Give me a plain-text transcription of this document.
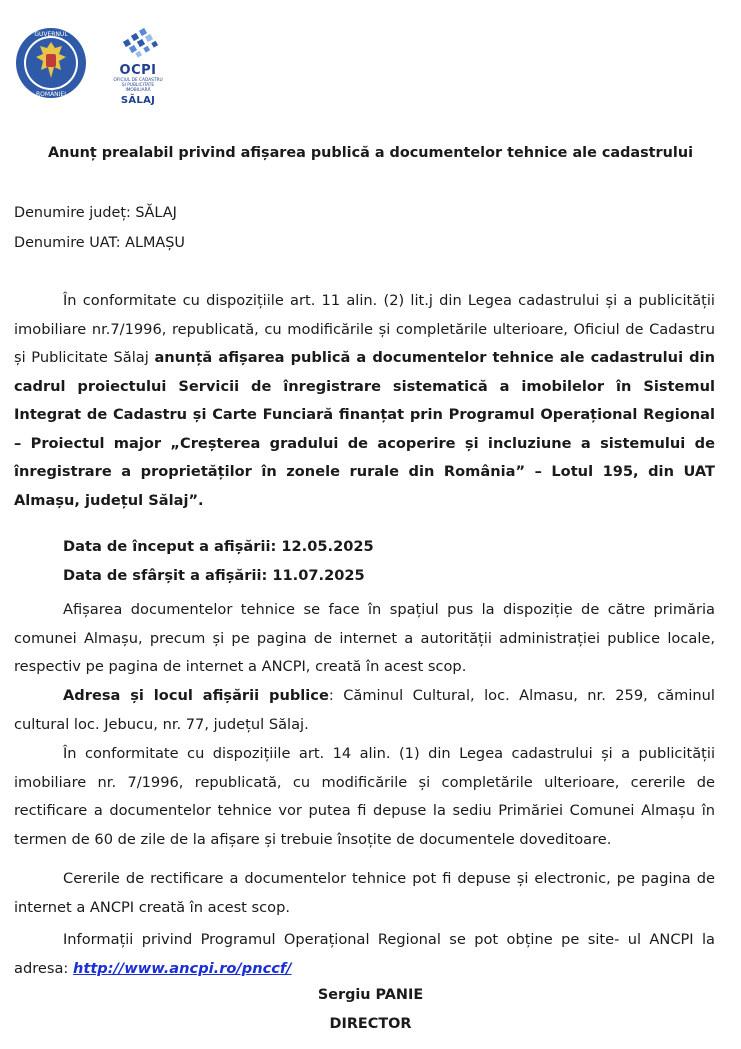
GUVERNUL
ROMÂNIEI
OCPI
OFICIUL DE CADASTRU
ȘI PUBLICITATE
IMOBILIARĂ
SĂLAJ
Anunț prealabil privind afișarea publică a documentelor tehnice ale cadastrului
Denumire județ: SĂLAJ
Denumire UAT: ALMAȘU

În conformitate cu dispozițiile art. 11 alin. (2) lit.j din Legea cadastrului și a publicității imobiliare nr.7/1996, republicată, cu modificările și completările ulterioare, Oficiul de Cadastru și Publicitate Sălaj anunță afișarea publică a documentelor tehnice ale cadastrului din cadrul proiectului Servicii de înregistrare sistematică a imobilelor în Sistemul Integrat de Cadastru și Carte Funciară finanțat prin Programul Operațional Regional – Proiectul major „Creșterea gradului de acoperire și incluziune a sistemului de înregistrare a proprietăților în zonele rurale din România” – Lotul 195, din UAT Almașu, județul Sălaj”.

Data de început a afișării: 12.05.2025
Data de sfârșit a afișării: 11.07.2025

Afișarea documentelor tehnice se face în spațiul pus la dispoziție de către primăria comunei Almașu, precum și pe pagina de internet a autorității administrației publice locale, respectiv pe pagina de internet a ANCPI, creată în acest scop.

Adresa și locul afișării publice: Căminul Cultural, loc. Almasu, nr. 259, căminul cultural loc. Jebucu, nr. 77, județul Sălaj.

În conformitate cu dispozițiile art. 14 alin. (1) din Legea cadastrului și a publicității imobiliare nr. 7/1996, republicată, cu modificările și completările ulterioare, cererile de rectificare a documentelor tehnice vor putea fi depuse la sediu Primăriei Comunei Almașu în termen de 60 de zile de la afișare și trebuie însoțite de documentele doveditoare.

Cererile de rectificare a documentelor tehnice pot fi depuse și electronic, pe pagina de internet a ANCPI creată în acest scop.

Informații privind Programul Operațional Regional se pot obține pe site- ul ANCPI la adresa: http://www.ancpi.ro/pnccf/

Sergiu PANIE
DIRECTOR
